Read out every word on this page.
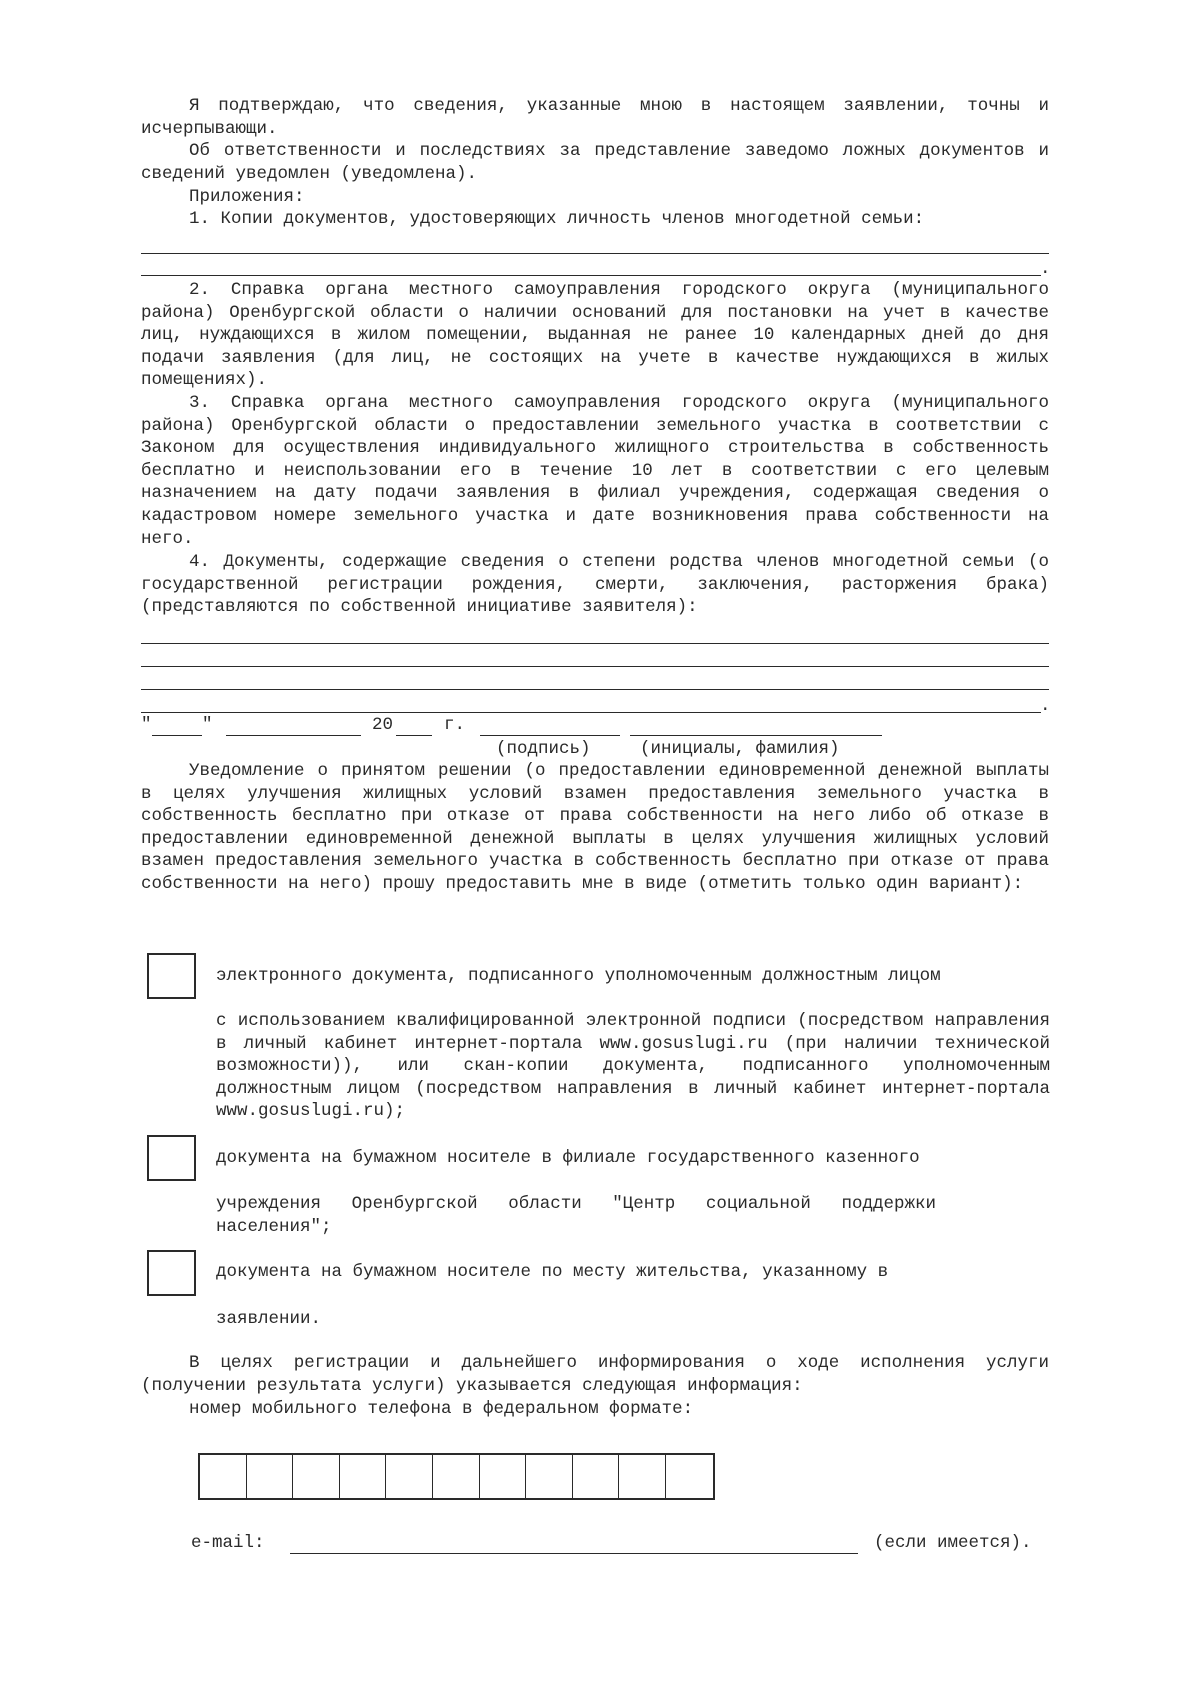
Я подтверждаю, что сведения, указанные мною в настоящем заявлении, точны и исчерпывающи.

Об ответственности и последствиях за представление заведомо ложных документов и сведений уведомлен (уведомлена).

Приложения:

1. Копии документов, удостоверяющих личность членов многодетной семьи:

.

2. Справка органа местного самоуправления городского округа (муниципального района) Оренбургской области о наличии оснований для постановки на учет в качестве лиц, нуждающихся в жилом помещении, выданная не ранее 10 календарных дней до дня подачи заявления (для лиц, не состоящих на учете в качестве нуждающихся в жилых помещениях).

3. Справка органа местного самоуправления городского округа (муниципального района) Оренбургской области о предоставлении земельного участка в соответствии с Законом для осуществления индивидуального жилищного строительства в собственность бесплатно и неиспользовании его в течение 10 лет в соответствии с его целевым назначением на дату подачи заявления в филиал учреждения, содержащая сведения о кадастровом номере земельного участка и дате возникновения права собственности на него.

4. Документы, содержащие сведения о степени родства членов многодетной семьи (о государственной регистрации рождения, смерти, заключения, расторжения брака) (представляются по собственной инициативе заявителя):

.
"	"	20	г.
(подпись)	(инициалы, фамилия)

Уведомление о принятом решении (о предоставлении единовременной денежной выплаты в целях улучшения жилищных условий взамен предоставления земельного участка в собственность бесплатно при отказе от права собственности на него либо об отказе в предоставлении единовременной денежной выплаты в целях улучшения жилищных условий взамен предоставления земельного участка в собственность бесплатно при отказе от права собственности на него) прошу предоставить мне в виде (отметить только один вариант):

электронного документа, подписанного уполномоченным должностным лицом

с использованием квалифицированной электронной подписи (посредством направления в личный кабинет интернет-портала www.gosuslugi.ru (при наличии технической возможности)), или скан-копии документа, подписанного уполномоченным должностным лицом (посредством направления в личный кабинет интернет-портала www.gosuslugi.ru);

документа на бумажном носителе в филиале государственного казенного

учреждения Оренбургской области "Центр социальной поддержки населения";

документа на бумажном носителе по месту жительства, указанному в

заявлении.

В целях регистрации и дальнейшего информирования о ходе исполнения услуги (получении результата услуги) указывается следующая информация:

номер мобильного телефона в федеральном формате:

e-mail:	(если имеется).
